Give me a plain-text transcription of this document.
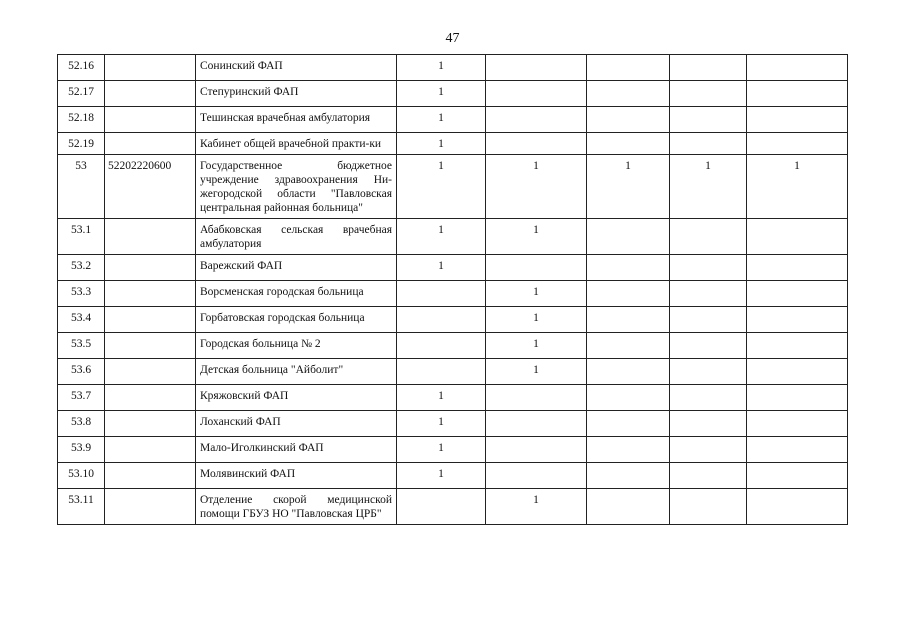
47
52.16		Сонинский ФАП	1				
52.17		Степуринский ФАП	1				
52.18		Тешинская врачебная амбулатория	1				
52.19		Кабинет общей врачебной практи-ки	1				
53	52202220600	Государственное бюджетное учреждение здравоохранения Ни-жегородской области "Павловская центральная районная больница"	1	1	1	1	1
53.1		Абабковская сельская врачебная амбулатория	1	1			
53.2		Варежский ФАП	1				
53.3		Ворсменская городская больница		1			
53.4		Горбатовская городская больница		1			
53.5		Городская больница № 2		1			
53.6		Детская больница "Айболит"		1			
53.7		Кряжовский ФАП	1				
53.8		Лоханский ФАП	1				
53.9		Мало-Иголкинский ФАП	1				
53.10		Молявинский ФАП	1				
53.11		Отделение скорой медицинской помощи ГБУЗ НО "Павловская ЦРБ"		1			
